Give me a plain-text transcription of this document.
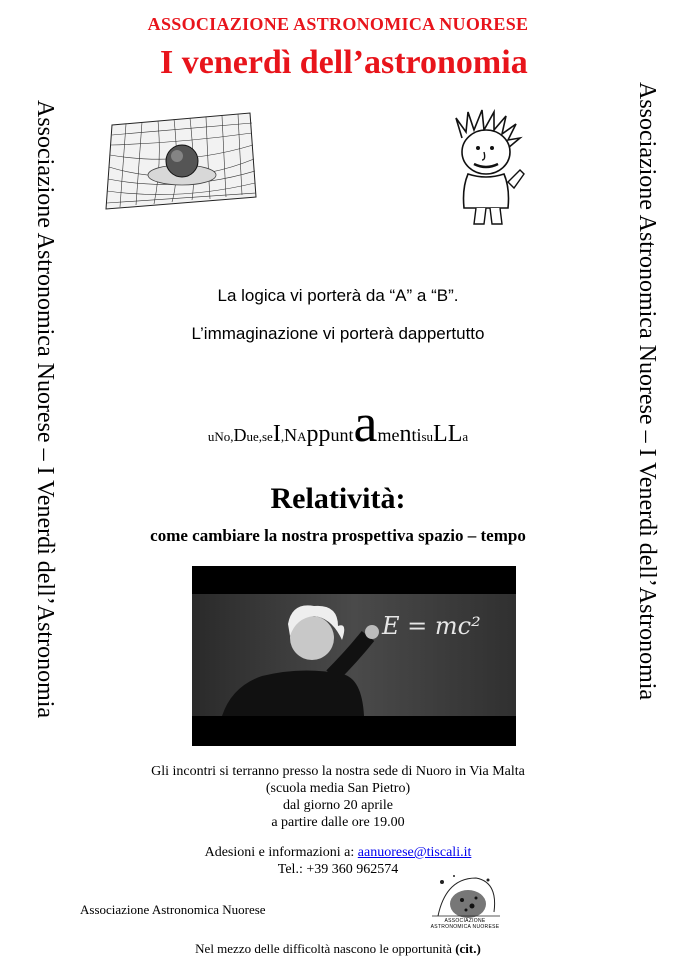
ASSOCIAZIONE ASTRONOMICA NUORESE
I venerdì dell’astronomia
Associazione Astronomica Nuorese – I Venerdì dell’Astronomia	Associazione Astronomica Nuorese – I Venerdì dell’Astronomia
La logica vi porterà da “A” a “B”.
L’immaginazione vi porterà dappertutto
uNo,Due,seI,NAppuntamentisuLLa
Relatività:
come cambiare la nostra prospettiva spazio – tempo
E = mc²
Gli incontri si terranno presso la nostra sede di Nuoro in Via Malta
(scuola media San Pietro)
dal giorno 20 aprile
a partire dalle ore 19.00
Adesioni e informazioni a: aanuorese@tiscali.it
Tel.: +39 360 962574
Associazione Astronomica Nuorese
ASSOCIAZIONE ASTRONOMICA NUORESE
Nel mezzo delle difficoltà nascono le opportunità (cit.)
